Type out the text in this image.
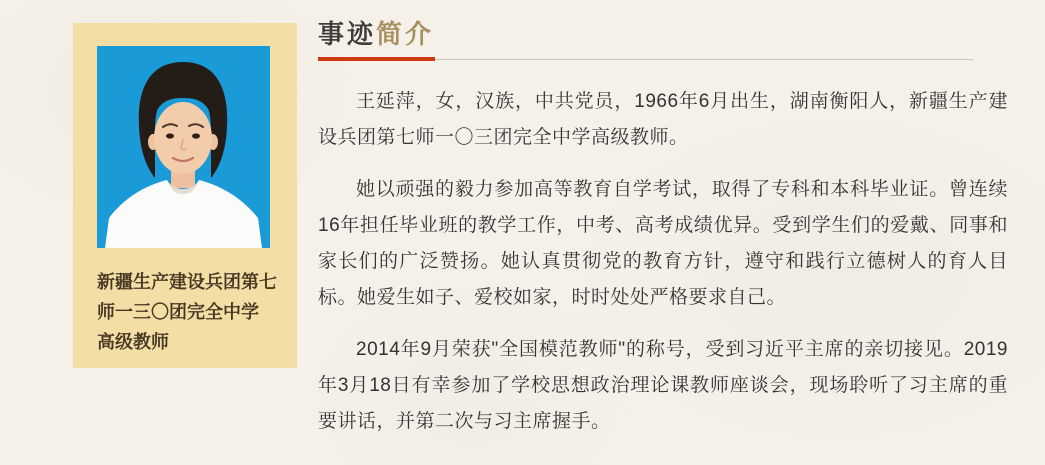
新疆生产建设兵团第七
师一三〇团完全中学
高级教师
事迹简介

王延萍，女，汉族，中共党员，1966年6月出生，湖南衡阳人，新疆生产建设兵团第七师一〇三团完全中学高级教师。

她以顽强的毅力参加高等教育自学考试，取得了专科和本科毕业证。曾连续16年担任毕业班的教学工作，中考、高考成绩优异。受到学生们的爱戴、同事和家长们的广泛赞扬。她认真贯彻党的教育方针，遵守和践行立德树人的育人目标。她爱生如子、爱校如家，时时处处严格要求自己。

2014年9月荣获"全国模范教师"的称号，受到习近平主席的亲切接见。2019年3月18日有幸参加了学校思想政治理论课教师座谈会，现场聆听了习主席的重要讲话，并第二次与习主席握手。
